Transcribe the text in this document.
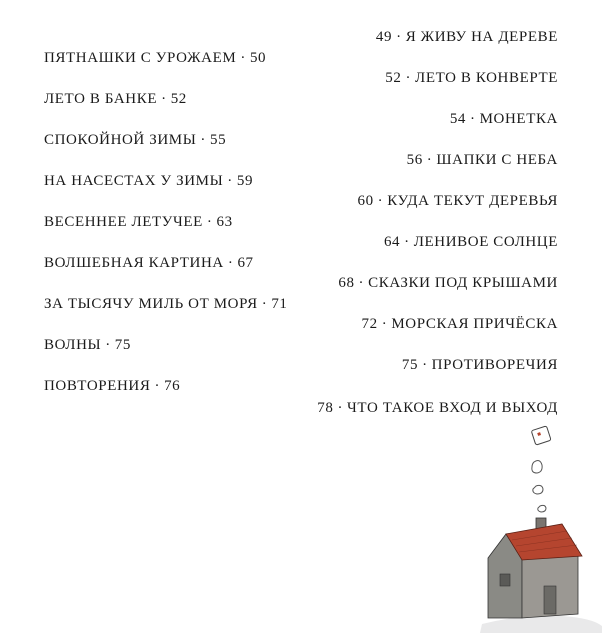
ПЯТНАШКИ С УРОЖАЕМ · 50
ЛЕТО В БАНКЕ · 52
СПОКОЙНОЙ ЗИМЫ · 55
НА НАСЕСТАХ У ЗИМЫ · 59
ВЕСЕННЕЕ ЛЕТУЧЕЕ · 63
ВОЛШЕБНАЯ КАРТИНА · 67
ЗА ТЫСЯЧУ МИЛЬ ОТ МОРЯ · 71
ВОЛНЫ · 75
ПОВТОРЕНИЯ · 76
49 · Я ЖИВУ НА ДЕРЕВЕ
52 · ЛЕТО В КОНВЕРТЕ
54 · МОНЕТКА
56 · ШАПКИ С НЕБА
60 · КУДА ТЕКУТ ДЕРЕВЬЯ
64 · ЛЕНИВОЕ СОЛНЦЕ
68 · СКАЗКИ ПОД КРЫШАМИ
72 · МОРСКАЯ ПРИЧЁСКА
75 · ПРОТИВОРЕЧИЯ
78 · ЧТО ТАКОЕ ВХОД И ВЫХОД
